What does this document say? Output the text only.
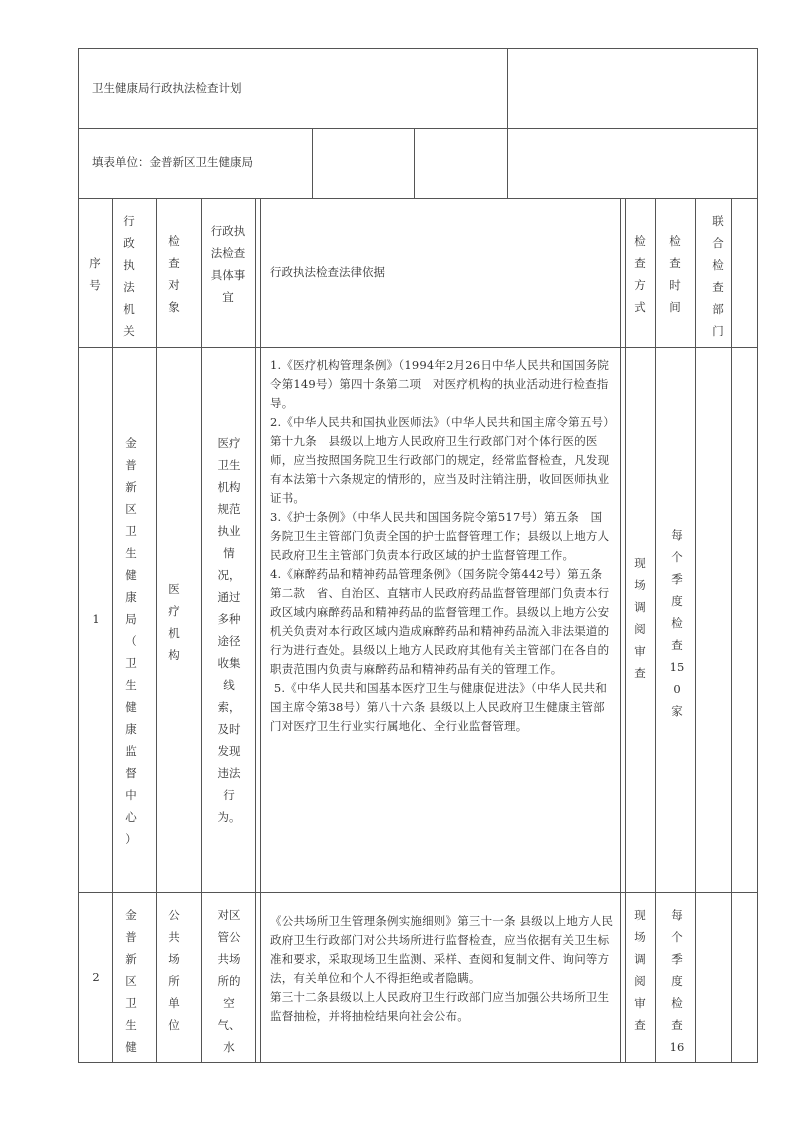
卫生健康局行政执法检查计划
填表单位：金普新区卫生健康局
序号
行政执法机关
检查对象
行政执法检查具体事宜
行政执法检查法律依据
检查方式
检查时间
联合检查部门
1
金
普
新
区
卫
生
健
康
局
（
卫
生
健
康
监
督
中
心
）
医
疗
机
构
医疗
卫生
机构
规范
执业
情
况，
通过
多种
途径
收集
线
索，
及时
发现
违法
行
为。
1.《医疗机构管理条例》（1994年2月26日中华人民共和国国务院令第149号）第四十条第二项　对医疗机构的执业活动进行检查指导。
2.《中华人民共和国执业医师法》（中华人民共和国主席令第五号）第十九条　县级以上地方人民政府卫生行政部门对个体行医的医师，应当按照国务院卫生行政部门的规定，经常监督检查，凡发现有本法第十六条规定的情形的，应当及时注销注册，收回医师执业证书。
3.《护士条例》（中华人民共和国国务院令第517号）第五条　国务院卫生主管部门负责全国的护士监督管理工作；县级以上地方人民政府卫生主管部门负责本行政区域的护士监督管理工作。
4.《麻醉药品和精神药品管理条例》（国务院令第442号）第五条第二款　省、自治区、直辖市人民政府药品监督管理部门负责本行政区域内麻醉药品和精神药品的监督管理工作。县级以上地方公安机关负责对本行政区域内造成麻醉药品和精神药品流入非法渠道的行为进行查处。县级以上地方人民政府其他有关主管部门在各自的职责范围内负责与麻醉药品和精神药品有关的管理工作。
5.《中华人民共和国基本医疗卫生与健康促进法》（中华人民共和国主席令第38号）第八十六条 县级以上人民政府卫生健康主管部门对医疗卫生行业实行属地化、全行业监督管理。
现
场
调
阅
审
查
每
个
季
度
检
查
15
0
家
2
金
普
新
区
卫
生
健
公
共
场
所
单
位
对区
管公
共场
所的
空
气、
水
《公共场所卫生管理条例实施细则》第三十一条 县级以上地方人民政府卫生行政部门对公共场所进行监督检查，应当依据有关卫生标准和要求，采取现场卫生监测、采样、查阅和复制文件、询问等方法，有关单位和个人不得拒绝或者隐瞒。
第三十二条县级以上人民政府卫生行政部门应当加强公共场所卫生监督抽检，并将抽检结果向社会公布。
现
场
调
阅
审
查
每
个
季
度
检
查
16
